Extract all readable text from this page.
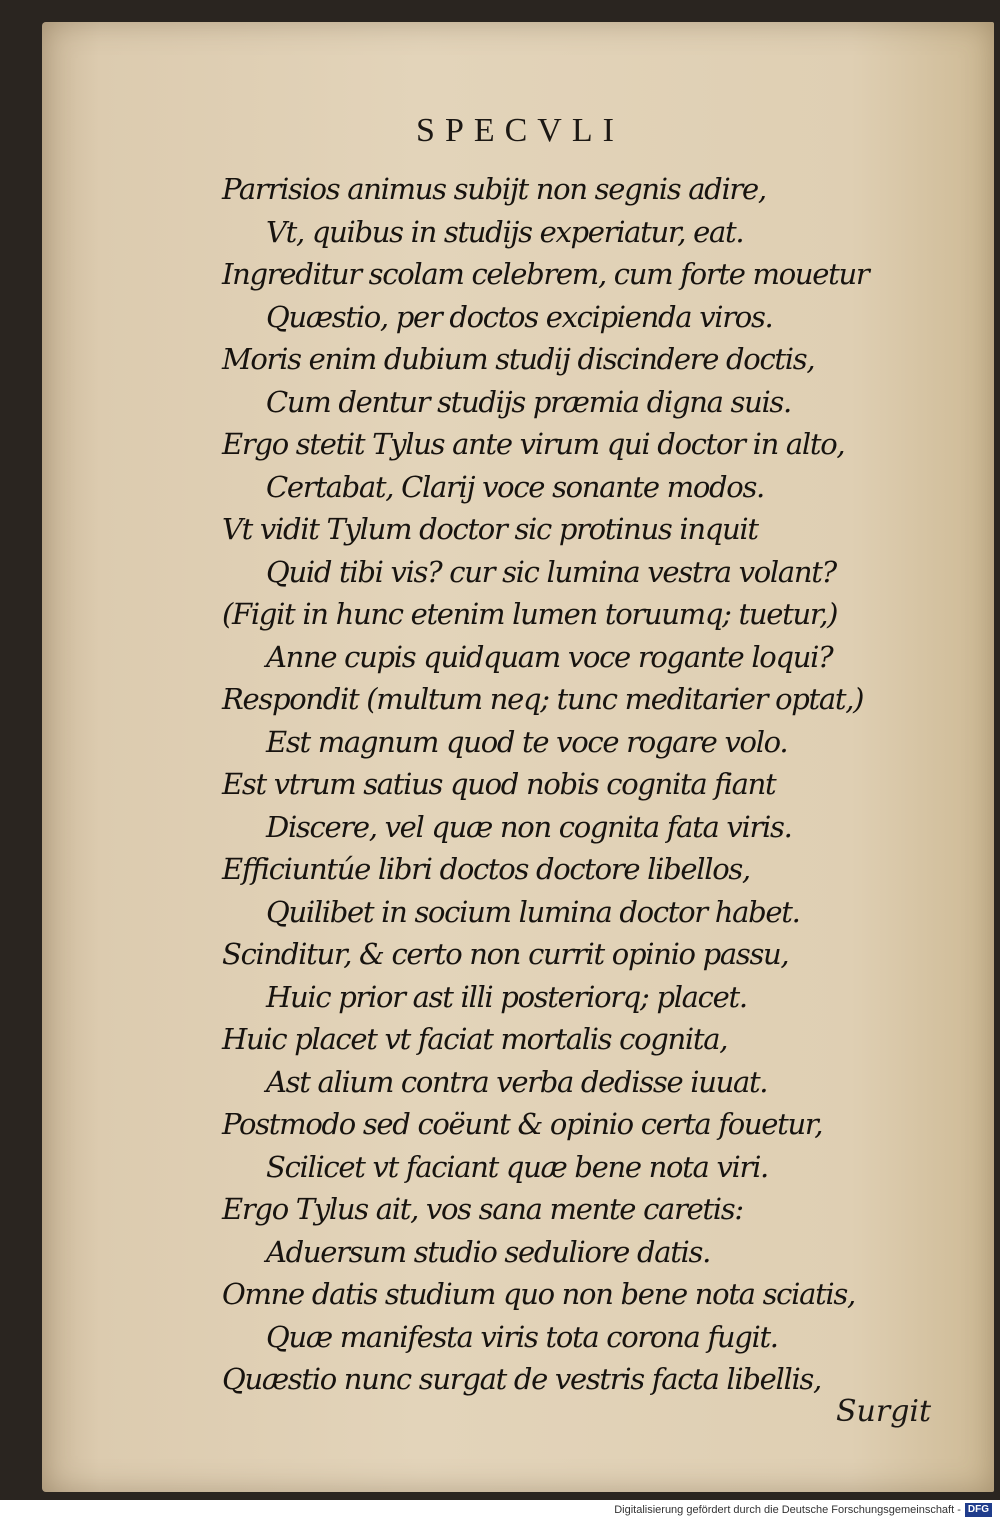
SPECVLI
Parrisios animus subijt non segnis adire,
Vt, quibus in studijs experiatur, eat.
Ingreditur scolam celebrem, cum forte mouetur
Quæstio, per doctos excipienda viros.
Moris enim dubium studij discindere doctis,
Cum dentur studijs præmia digna suis.
Ergo stetit Tylus ante virum qui doctor in alto,
Certabat, Clarij voce sonante modos.
Vt vidit Tylum doctor sic protinus inquit
Quid tibi vis? cur sic lumina vestra volant?
(Figit in hunc etenim lumen toruumq; tuetur,)
Anne cupis quidquam voce rogante loqui?
Respondit (multum neq; tunc meditarier optat,)
Est magnum quod te voce rogare volo.
Est vtrum satius quod nobis cognita fiant
Discere, vel quæ non cognita fata viris.
Efficiuntúe libri doctos doctore libellos,
Quilibet in socium lumina doctor habet.
Scinditur, & certo non currit opinio passu,
Huic prior ast illi posteriorq; placet.
Huic placet vt faciat mortalis cognita,
Ast alium contra verba dedisse iuuat.
Postmodo sed coëunt & opinio certa fouetur,
Scilicet vt faciant quæ bene nota viri.
Ergo Tylus ait, vos sana mente caretis:
Aduersum studio seduliore datis.
Omne datis studium quo non bene nota sciatis,
Quæ manifesta viris tota corona fugit.
Quæstio nunc surgat de vestris facta libellis,
Surgit
Digitalisierung gefördert durch die Deutsche Forschungsgemeinschaft - DFG
